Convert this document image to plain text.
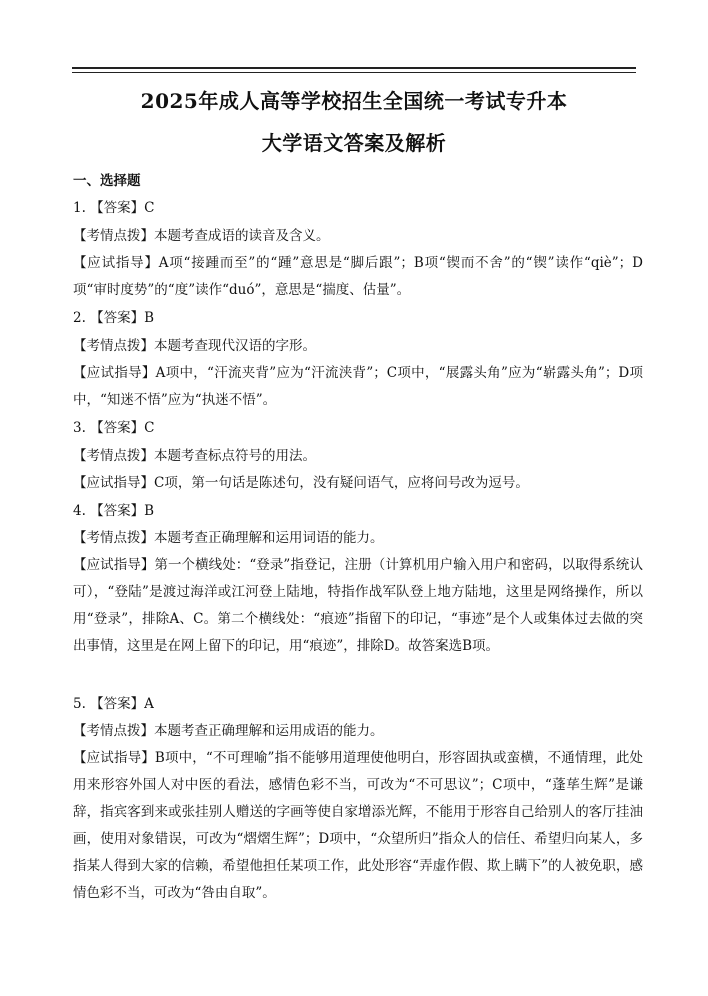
2025年成人高等学校招生全国统一考试专升本
大学语文答案及解析
一、选择题
1. 【答案】C
【考情点拨】本题考查成语的读音及含义。
【应试指导】A项“接踵而至”的“踵”意思是“脚后跟”；B项“锲而不舍”的“锲”读作“qiè”；D项“审时度势”的“度”读作“duó”，意思是“揣度、估量”。
2. 【答案】B
【考情点拨】本题考查现代汉语的字形。
【应试指导】A项中，“汗流夹背”应为“汗流浃背”；C项中，“展露头角”应为“崭露头角”；D项中，“知迷不悟”应为“执迷不悟”。
3. 【答案】C
【考情点拨】本题考查标点符号的用法。
【应试指导】C项，第一句话是陈述句，没有疑问语气，应将问号改为逗号。
4. 【答案】B
【考情点拨】本题考查正确理解和运用词语的能力。
【应试指导】第一个横线处：“登录”指登记，注册（计算机用户输入用户和密码，以取得系统认可），“登陆”是渡过海洋或江河登上陆地，特指作战军队登上地方陆地，这里是网络操作，所以用“登录”，排除A、C。第二个横线处：“痕迹”指留下的印记，“事迹”是个人或集体过去做的突出事情，这里是在网上留下的印记，用“痕迹”，排除D。故答案选B项。
5. 【答案】A
【考情点拨】本题考查正确理解和运用成语的能力。
【应试指导】B项中，“不可理喻”指不能够用道理使他明白，形容固执或蛮横，不通情理，此处用来形容外国人对中医的看法，感情色彩不当，可改为“不可思议”；C项中，“蓬荜生辉”是谦辞，指宾客到来或张挂别人赠送的字画等使自家增添光辉，不能用于形容自己给别人的客厅挂油画，使用对象错误，可改为“熠熠生辉”；D项中，“众望所归”指众人的信任、希望归向某人，多指某人得到大家的信赖，希望他担任某项工作，此处形容“弄虚作假、欺上瞒下”的人被免职，感情色彩不当，可改为“咎由自取”。
